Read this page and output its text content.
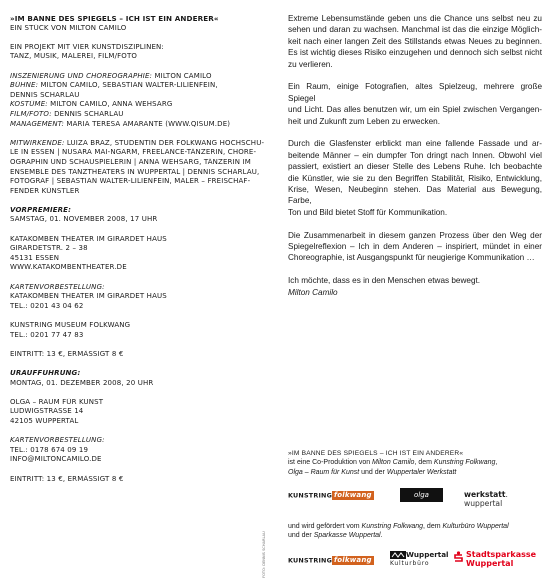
»IM BANNE DES SPIEGELS – ICH IST EIN ANDERER«
EIN STÜCK VON MILTON CAMILO
EIN PROJEKT MIT VIER KUNSTDISZIPLINEN:
TANZ, MUSIK, MALEREI, FILM/FOTO
INSZENIERUNG UND CHOREOGRAPHIE: MILTON CAMILO
BÜHNE: MILTON CAMILO, SEBASTIAN WALTER-LILIENFEIN,
DENNIS SCHARLAU
KOSTÜME: MILTON CAMILO, ANNA WEHSARG
FILM/FOTO: DENNIS SCHARLAU
MANAGEMENT: MARIA TERESA AMARANTE (WWW.QISUM.DE)
MITWIRKENDE: LUIZA BRAZ, STUDENTIN DER FOLKWANG HOCHSCHU-
LE IN ESSEN | NUSARA MAI-NGARM, FREELANCE-TÄNZERIN, CHORE-
OGRAPHIN UND SCHAUSPIELERIN | ANNA WEHSARG, TÄNZERIN IM
ENSEMBLE DES TANZTHEATERS IN WUPPERTAL | DENNIS SCHARLAU,
FOTOGRAF | SEBASTIAN WALTER-LILIENFEIN, MALER – FREISCHAF-
FENDER KÜNSTLER
VORPREMIERE:
SAMSTAG, 01. NOVEMBER 2008, 17 UHR
KATAKOMBEN THEATER IM GIRARDET HAUS
GIRARDETSTR. 2 – 38
45131 ESSEN
WWW.KATAKOMBENTHEATER.DE
KARTENVORBESTELLUNG:
KATAKOMBEN THEATER IM GIRARDET HAUS
TEL.: 0201 43 04 62
KUNSTRING MUSEUM FOLKWANG
TEL.: 0201 77 47 83
EINTRITT: 13 €, ERMÄSSIGT 8 €
URAUFFÜHRUNG:
MONTAG, 01. DEZEMBER 2008, 20 UHR
OLGA – RAUM FÜR KUNST
LUDWIGSTRASSE 14
42105 WUPPERTAL
KARTENVORBESTELLUNG:
TEL.: 0178 674 09 19
INFO@MILTONCAMILO.DE
EINTRITT: 13 €, ERMÄSSIGT 8 €
FOTO: DENNIS SCHARLAU

Extreme Lebensumstände geben uns die Chance uns selbst neu zu
sehen und daran zu wachsen. Manchmal ist das die einzige Möglich-
keit nach einer langen Zeit des Stillstands etwas Neues zu beginnen.
Es ist wichtig dieses Risiko einzugehen und dennoch sich selbst nicht
zu verlieren.

Ein Raum, einige Fotografien, altes Spielzeug, mehrere große Spiegel
und Licht. Das alles benutzen wir, um ein Spiel zwischen Vergangen-
heit und Zukunft zum Leben zu erwecken.

Durch die Glasfenster erblickt man eine fallende Fassade und ar-
beitende Männer – ein dumpfer Ton dringt nach Innen. Obwohl viel
passiert, existiert an dieser Stelle des Lebens Ruhe. Ich beobachte
die Künstler, wie sie zu den Begriffen Stabilität, Risiko, Entwicklung,
Krise, Wesen, Neubeginn stehen. Das Material aus Bewegung, Farbe,
Ton und Bild bietet Stoff für Kommunikation.

Die Zusammenarbeit in diesem ganzen Prozess über den Weg der
Spiegelreflexion – Ich in dem Anderen – inspiriert, mündet in einer
Choreographie, ist Ausgangspunkt für neugierige Kommunikation …

Ich möchte, dass es in den Menschen etwas bewegt.
Milton Camilo

»IM BANNE DES SPIEGELS – ICH IST EIN ANDERER«
ist eine Co-Produktion von Milton Camilo, dem Kunstring Folkwang,
Olga – Raum für Kunst und der Wuppertaler Werkstatt
KUNSTRING folkwang	olga	werkstatt. wuppertal
und wird gefördert vom Kunstring Folkwang, dem Kulturbüro Wuppertal
und der Sparkasse Wuppertal.
KUNSTRING folkwang
Wuppertal
Kulturbüro
Stadtsparkasse
Wuppertal
